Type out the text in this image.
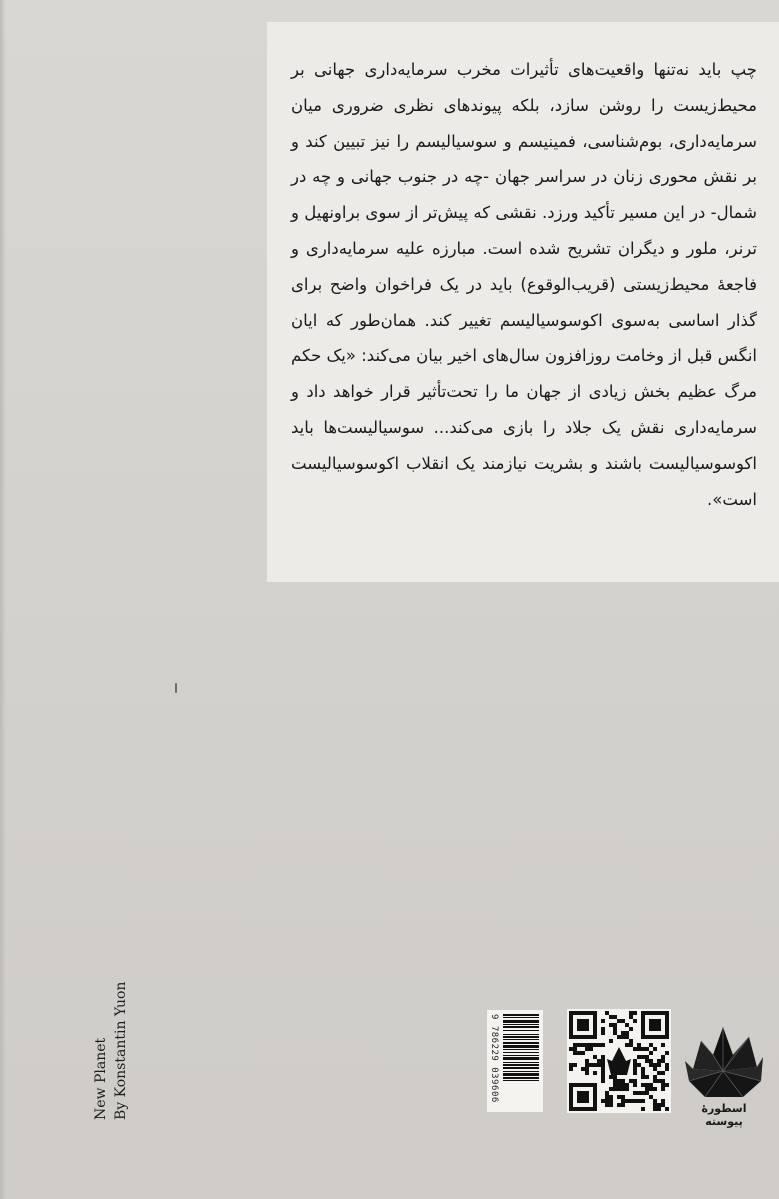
چپ باید نه‌تنها واقعیت‌های تأثیرات مخرب سرمایه‌داری جهانی بر محیط‌زیست را روشن سازد، بلکه پیوندهای نظری ضروری میان سرمایه‌داری، بوم‌شناسی، فمینیسم و سوسیالیسم را نیز تبیین کند و بر نقش محوری زنان در سراسر جهان -چه در جنوب جهانی و چه در شمال- در این مسیر تأکید ورزد. نقشی که پیش‌تر از سوی براونهیل و ترنر، ملور و دیگران تشریح شده است. مبارزه علیه سرمایه‌داری و فاجعهٔ محیط‌زیستی (قریب‌الوقوع) باید در یک فراخوان واضح برای گذار اساسی به‌سوی اکوسوسیالیسم تغییر کند. همان‌طور که ایان انگس قبل از وخامت روزافزون سال‌های اخیر بیان می‌کند: «یک حکم مرگ عظیم بخش زیادی از جهان ما را تحت‌تأثیر قرار خواهد داد و سرمایه‌داری نقش یک جلاد را بازی می‌کند... سوسیالیست‌ها باید اکوسوسیالیست باشند و بشریت نیازمند یک انقلاب اکوسوسیالیست است».

New Planet By Konstantin Yuon	9 786229 039606
اسطورهٔ پیوسته
